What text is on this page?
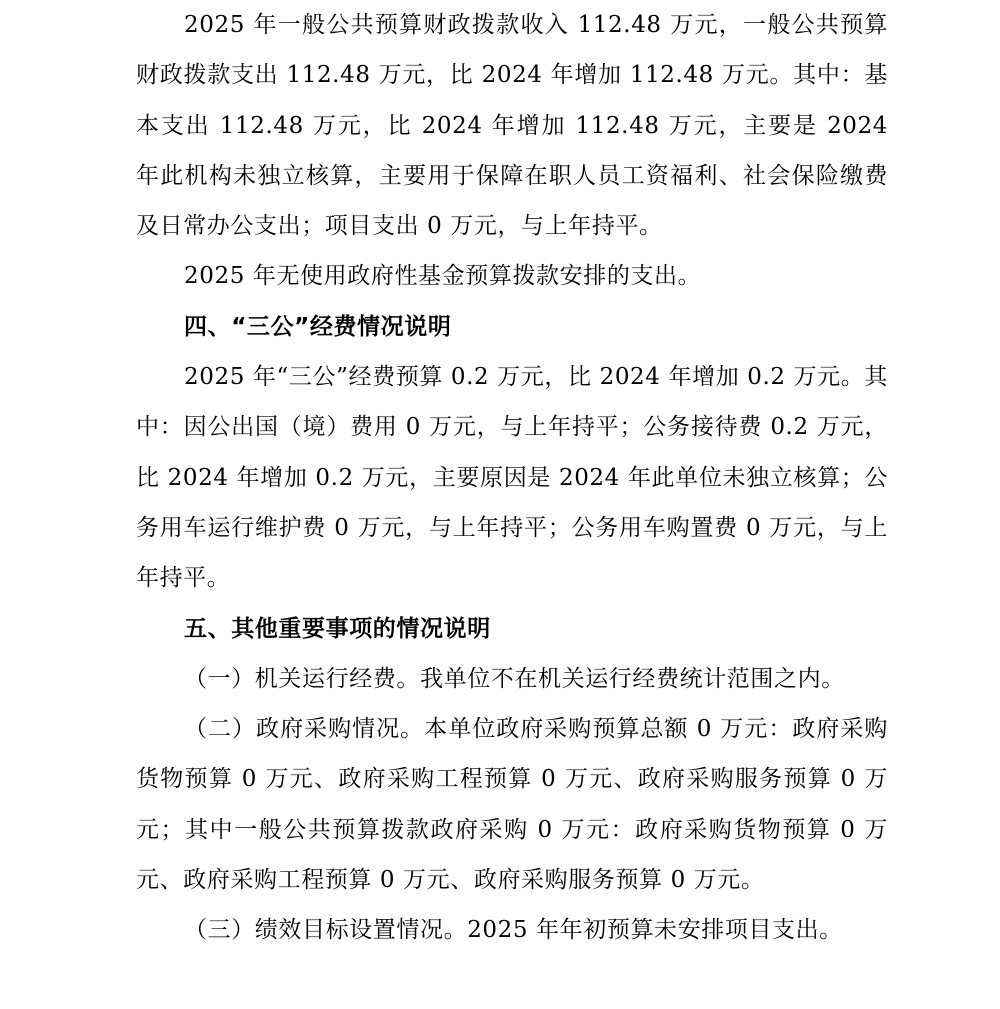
2025 年一般公共预算财政拨款收入 112.48 万元，一般公共预算财政拨款支出 112.48 万元，比 2024 年增加 112.48 万元。其中：基本支出 112.48 万元，比 2024 年增加 112.48 万元，主要是 2024 年此机构未独立核算，主要用于保障在职人员工资福利、社会保险缴费及日常办公支出；项目支出 0 万元，与上年持平。

2025 年无使用政府性基金预算拨款安排的支出。

四、“三公”经费情况说明

2025 年“三公”经费预算 0.2 万元，比 2024 年增加 0.2 万元。其中：因公出国（境）费用 0 万元，与上年持平；公务接待费 0.2 万元，比 2024 年增加 0.2 万元，主要原因是 2024 年此单位未独立核算；公务用车运行维护费 0 万元，与上年持平；公务用车购置费 0 万元，与上年持平。

五、其他重要事项的情况说明

（一）机关运行经费。我单位不在机关运行经费统计范围之内。

（二）政府采购情况。本单位政府采购预算总额 0 万元：政府采购货物预算 0 万元、政府采购工程预算 0 万元、政府采购服务预算 0 万元；其中一般公共预算拨款政府采购 0 万元：政府采购货物预算 0 万元、政府采购工程预算 0 万元、政府采购服务预算 0 万元。

（三）绩效目标设置情况。2025 年年初预算未安排项目支出。
